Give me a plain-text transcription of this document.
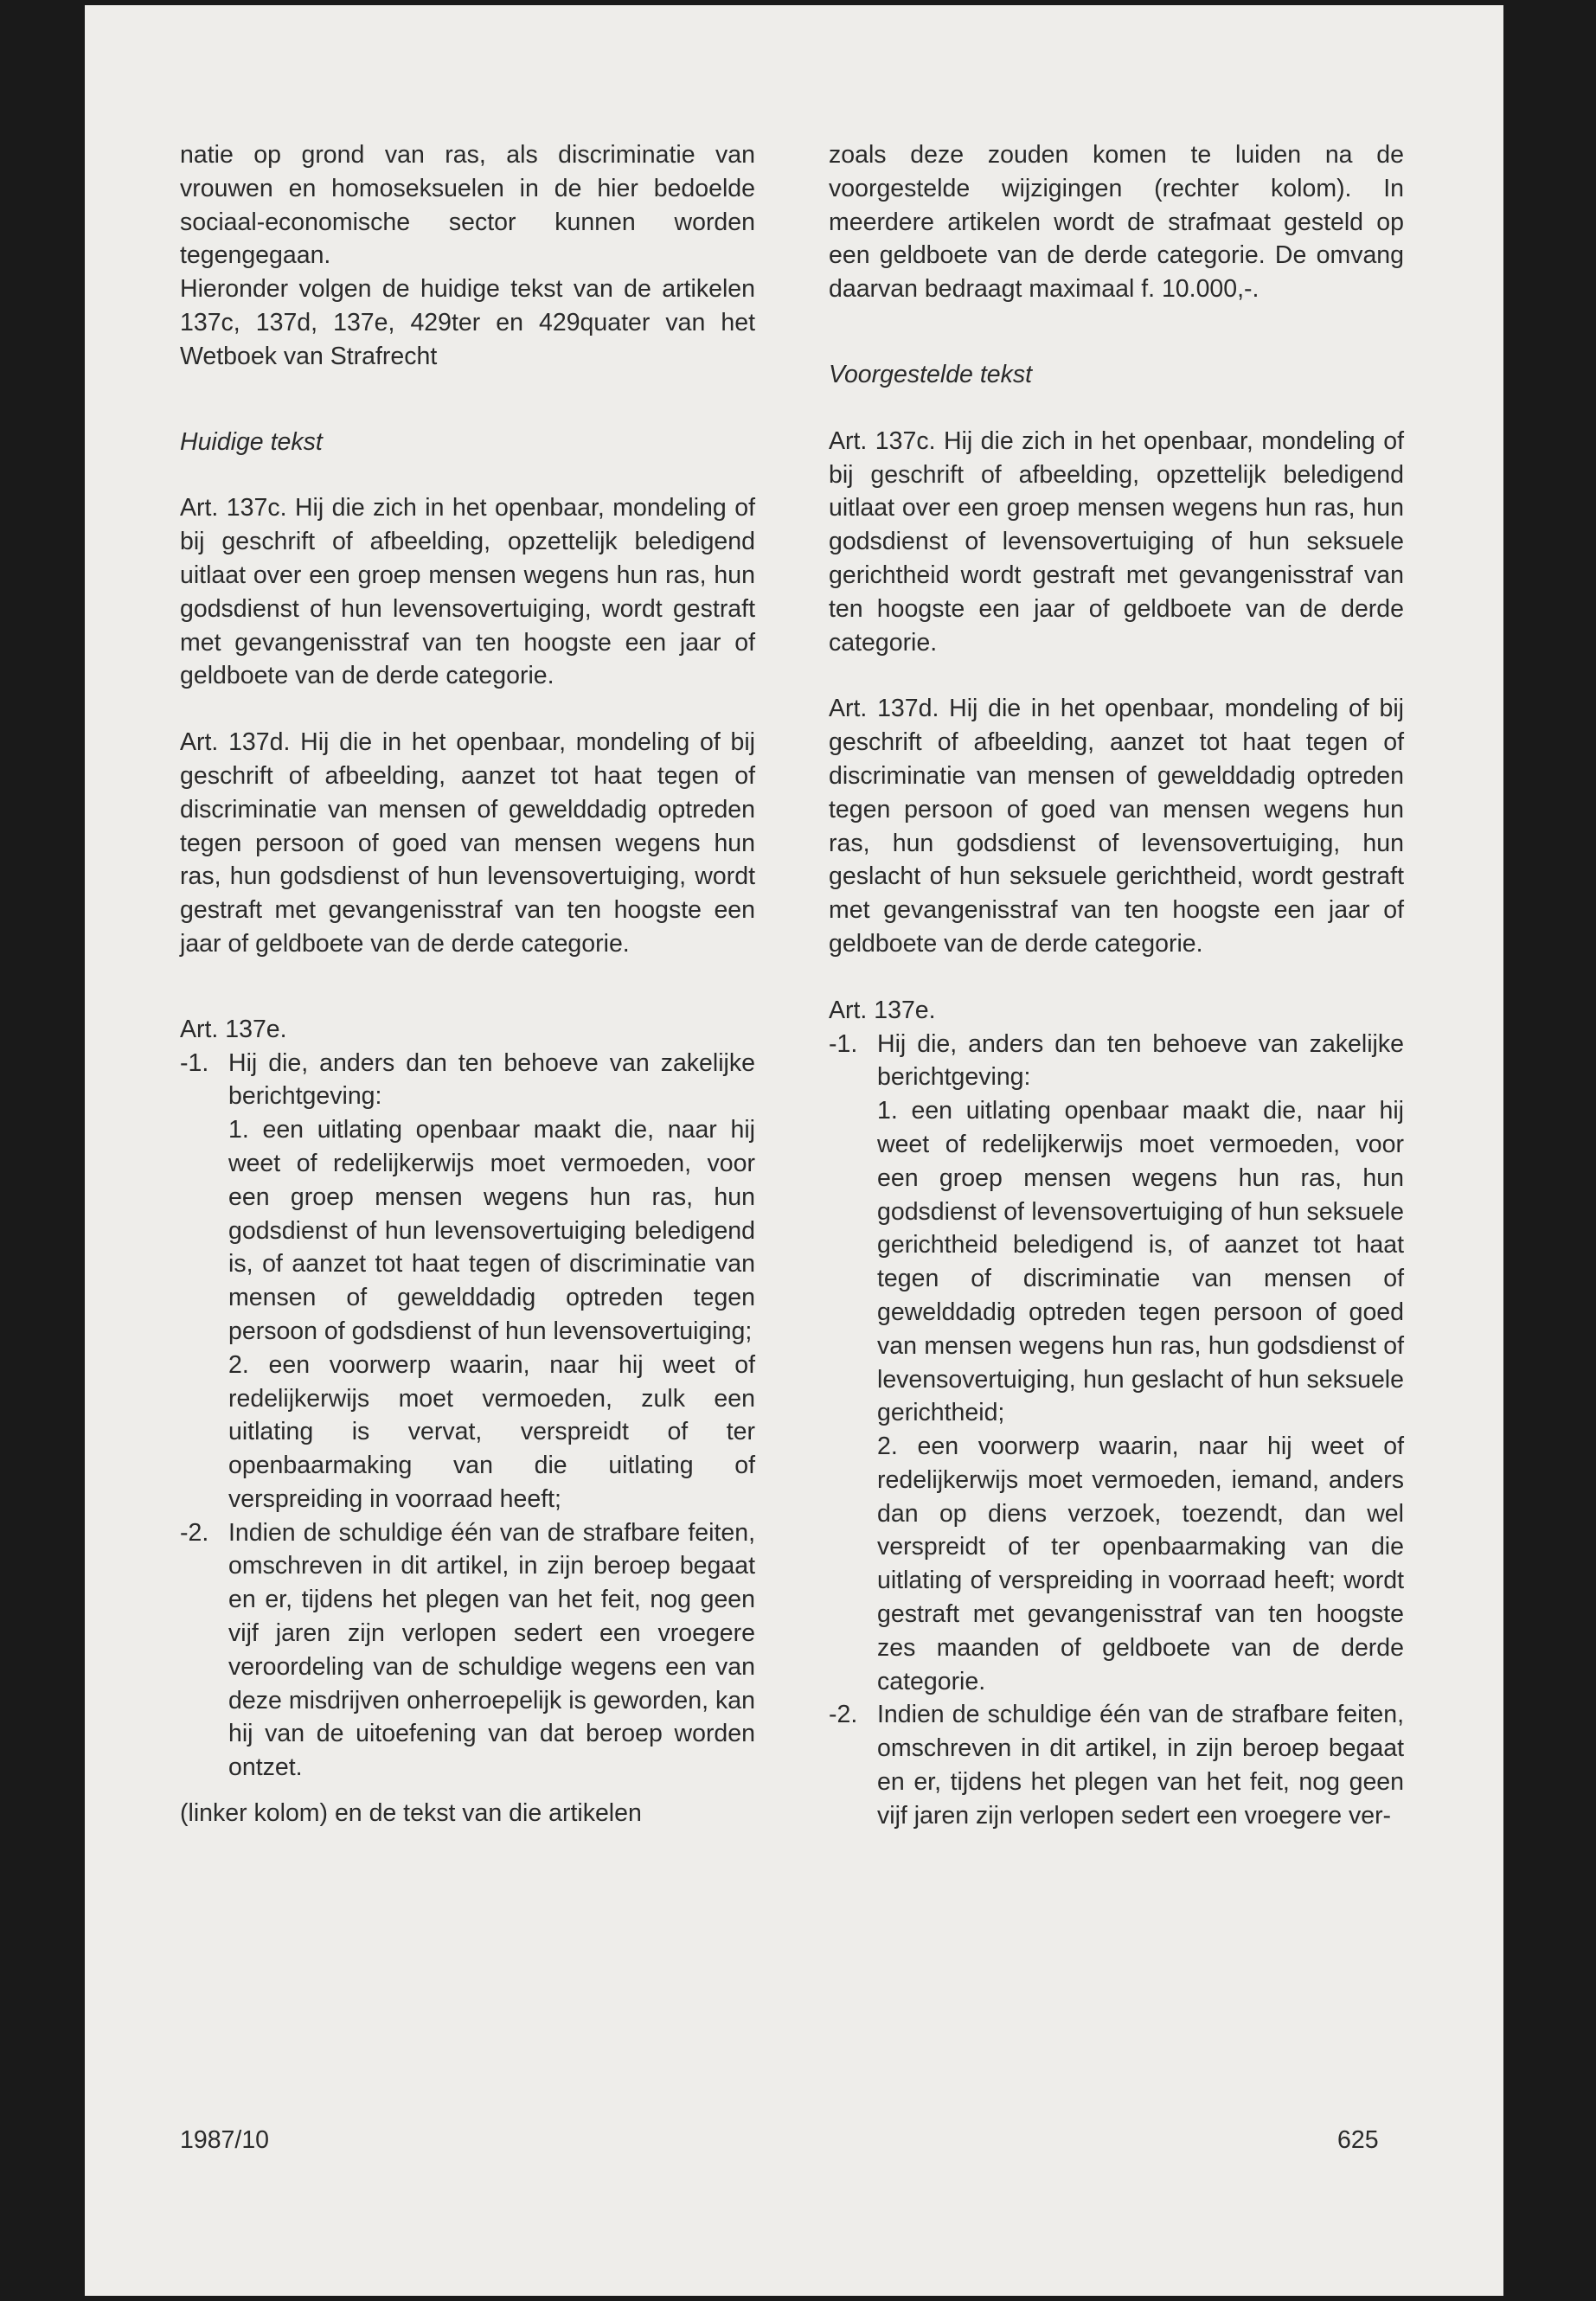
natie op grond van ras, als discriminatie van vrouwen en homoseksuelen in de hier bedoelde sociaal-economische sector kunnen worden tegengegaan.

Hieronder volgen de huidige tekst van de artikelen 137c, 137d, 137e, 429ter en 429quater van het Wetboek van Strafrecht

Huidige tekst

Art. 137c. Hij die zich in het openbaar, mondeling of bij geschrift of afbeelding, opzettelijk beledigend uitlaat over een groep mensen wegens hun ras, hun godsdienst of hun levensovertuiging, wordt gestraft met gevangenisstraf van ten hoogste een jaar of geldboete van de derde categorie.

Art. 137d. Hij die in het openbaar, mondeling of bij geschrift of afbeelding, aanzet tot haat tegen of discriminatie van mensen of gewelddadig optreden tegen persoon of goed van mensen wegens hun ras, hun godsdienst of hun levensovertuiging, wordt gestraft met gevangenisstraf van ten hoogste een jaar of geldboete van de derde categorie.

Art. 137e.

-1. Hij die, anders dan ten behoeve van zakelijke berichtgeving:

1. een uitlating openbaar maakt die, naar hij weet of redelijkerwijs moet vermoeden, voor een groep mensen wegens hun ras, hun godsdienst of hun levensovertuiging beledigend is, of aanzet tot haat tegen of discriminatie van mensen of gewelddadig optreden tegen persoon of godsdienst of hun levensovertuiging;

2. een voorwerp waarin, naar hij weet of redelijkerwijs moet vermoeden, zulk een uitlating is vervat, verspreidt of ter openbaarmaking van die uitlating of verspreiding in voorraad heeft;

-2. Indien de schuldige één van de strafbare feiten, omschreven in dit artikel, in zijn beroep begaat en er, tijdens het plegen van het feit, nog geen vijf jaren zijn verlopen sedert een vroegere veroordeling van de schuldige wegens een van deze misdrijven onherroepelijk is geworden, kan hij van de uitoefening van dat beroep worden ontzet.

(linker kolom) en de tekst van die artikelen

zoals deze zouden komen te luiden na de voorgestelde wijzigingen (rechter kolom). In meerdere artikelen wordt de strafmaat gesteld op een geldboete van de derde categorie. De omvang daarvan bedraagt maximaal f. 10.000,-.

Voorgestelde tekst

Art. 137c. Hij die zich in het openbaar, mondeling of bij geschrift of afbeelding, opzettelijk beledigend uitlaat over een groep mensen wegens hun ras, hun godsdienst of levensovertuiging of hun seksuele gerichtheid wordt gestraft met gevangenisstraf van ten hoogste een jaar of geldboete van de derde categorie.

Art. 137d. Hij die in het openbaar, mondeling of bij geschrift of afbeelding, aanzet tot haat tegen of discriminatie van mensen of gewelddadig optreden tegen persoon of goed van mensen wegens hun ras, hun godsdienst of levensovertuiging, hun geslacht of hun seksuele gerichtheid, wordt gestraft met gevangenisstraf van ten hoogste een jaar of geldboete van de derde categorie.

Art. 137e.

-1. Hij die, anders dan ten behoeve van zakelijke berichtgeving:

1. een uitlating openbaar maakt die, naar hij weet of redelijkerwijs moet vermoeden, voor een groep mensen wegens hun ras, hun godsdienst of levensovertuiging of hun seksuele gerichtheid beledigend is, of aanzet tot haat tegen of discriminatie van mensen of gewelddadig optreden tegen persoon of goed van mensen wegens hun ras, hun godsdienst of levensovertuiging, hun geslacht of hun seksuele gerichtheid;

2. een voorwerp waarin, naar hij weet of redelijkerwijs moet vermoeden, iemand, anders dan op diens verzoek, toezendt, dan wel verspreidt of ter openbaarmaking van die uitlating of verspreiding in voorraad heeft; wordt gestraft met gevangenisstraf van ten hoogste zes maanden of geldboete van de derde categorie.

-2. Indien de schuldige één van de strafbare feiten, omschreven in dit artikel, in zijn beroep begaat en er, tijdens het plegen van het feit, nog geen vijf jaren zijn verlopen sedert een vroegere ver-

1987/10	625
